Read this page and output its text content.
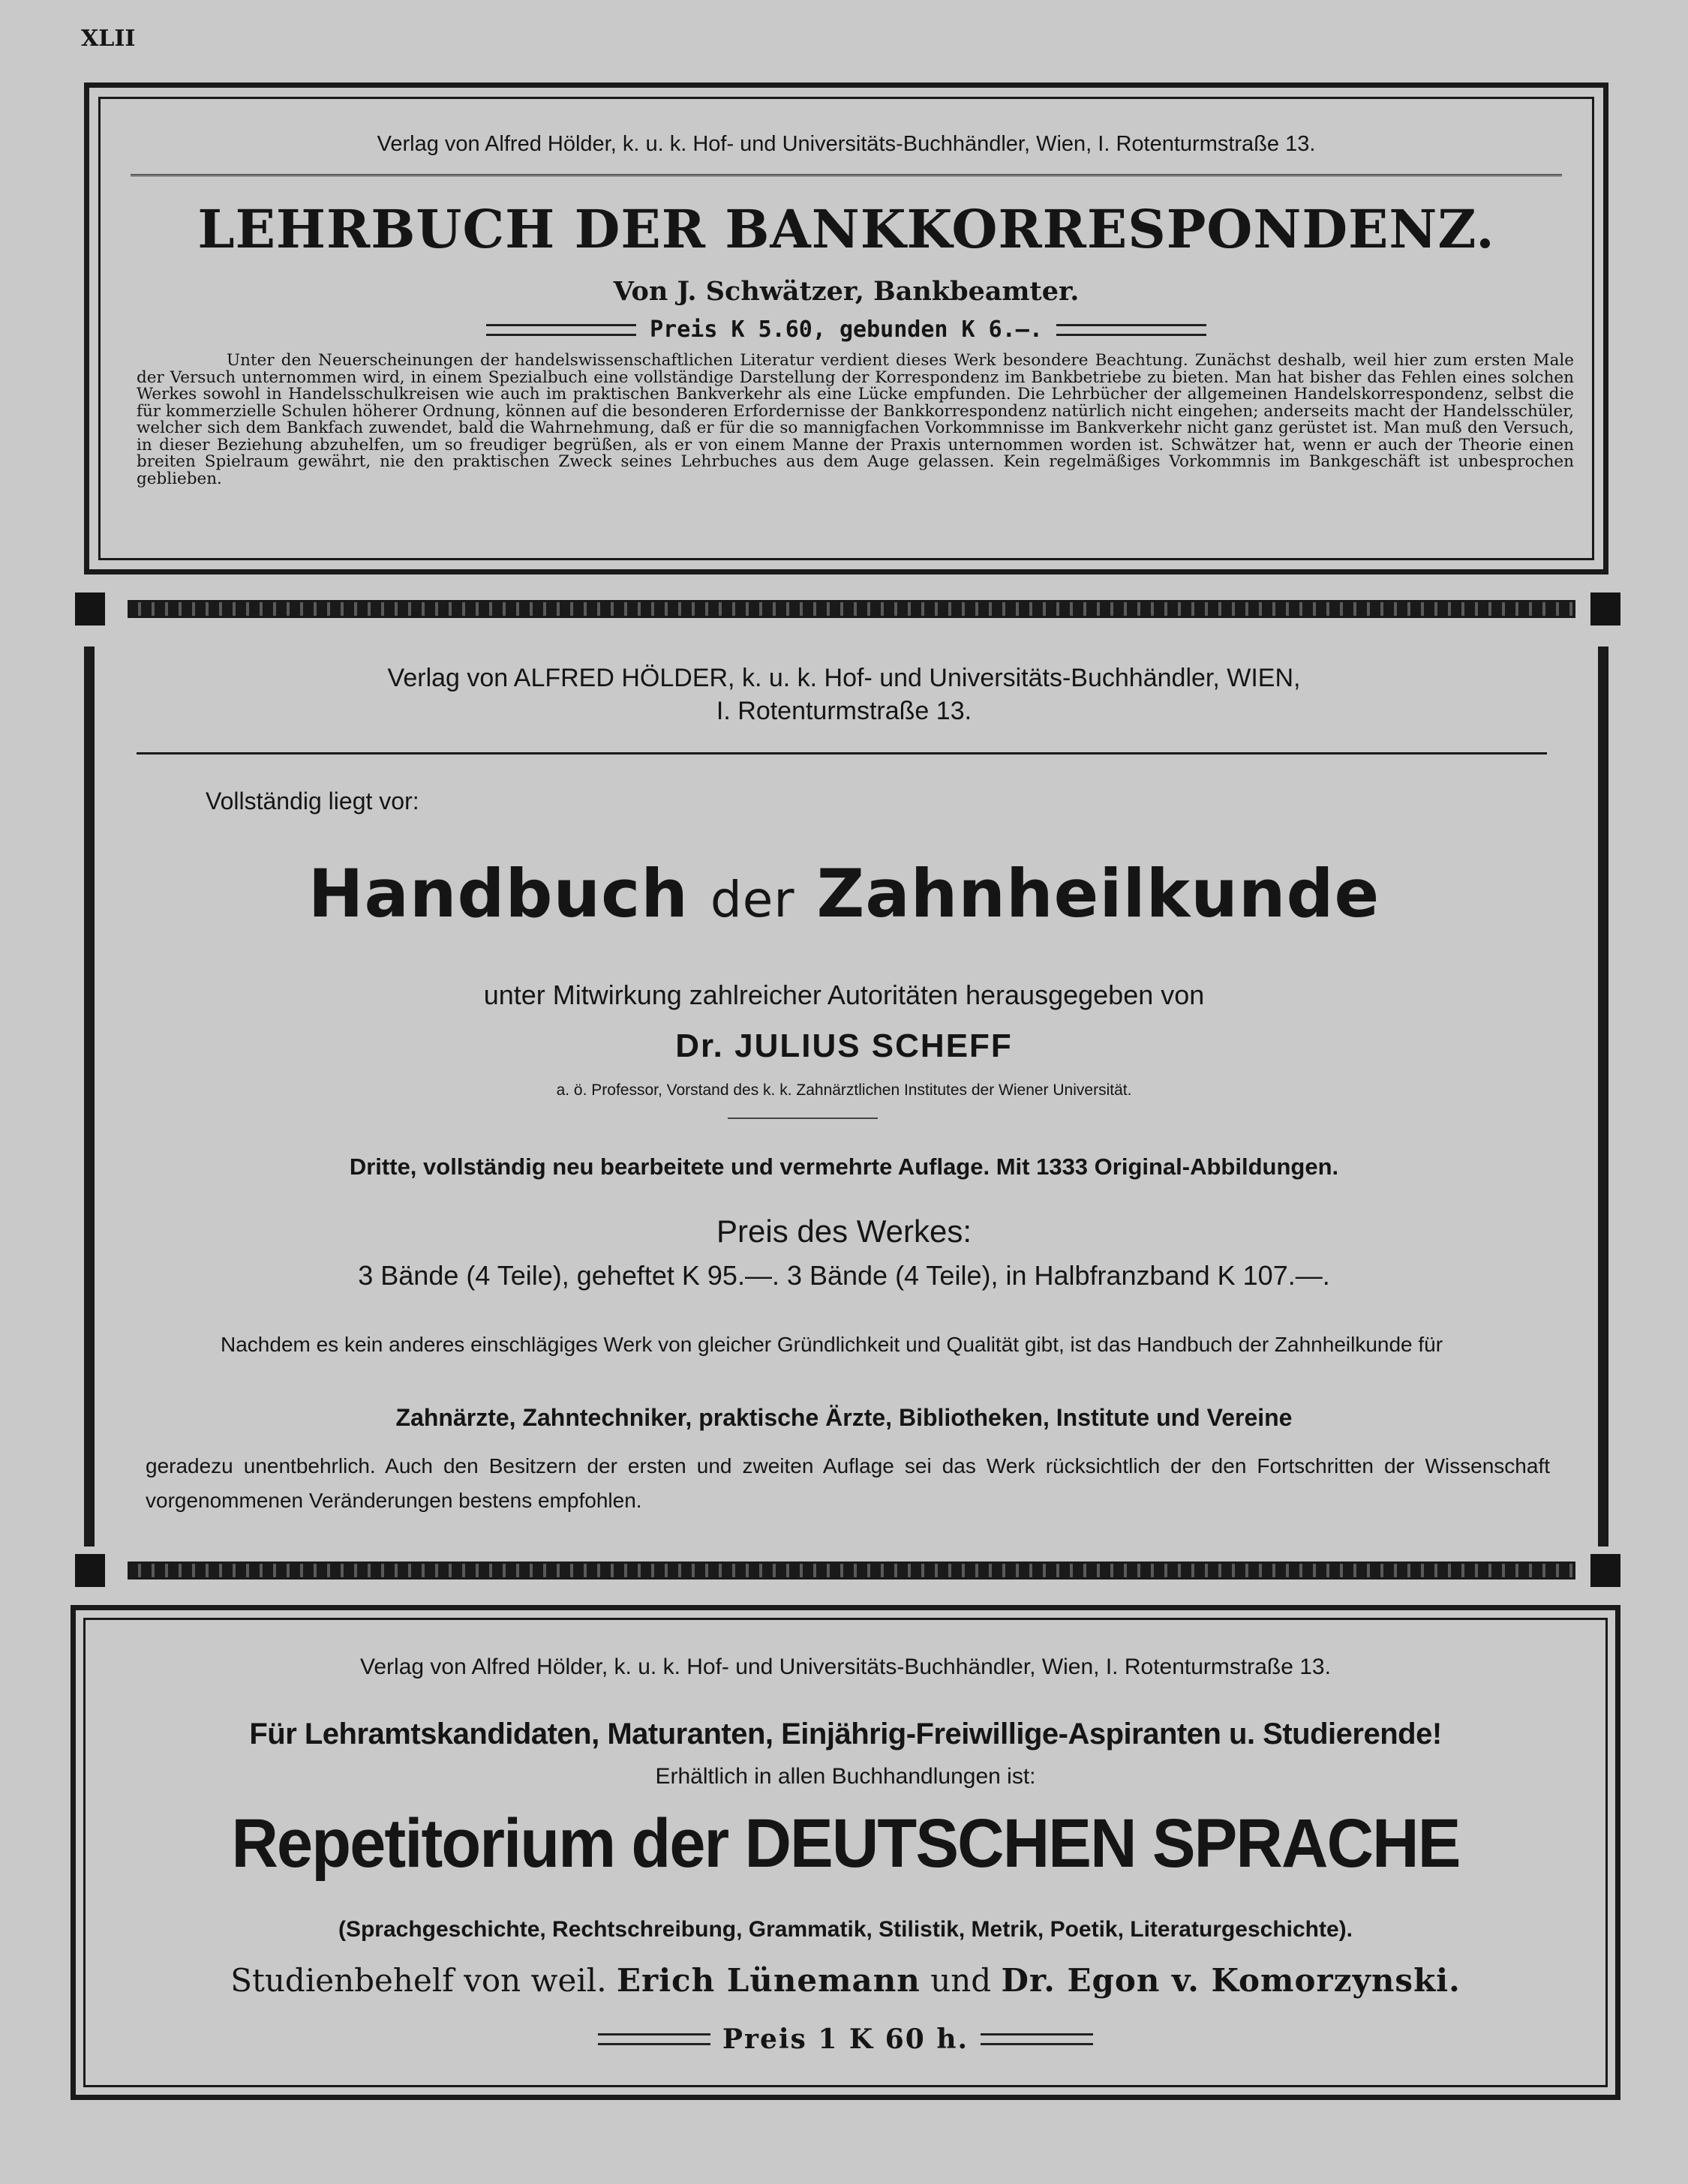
XLII
Verlag von Alfred Hölder, k. u. k. Hof- und Universitäts-Buchhändler, Wien, I. Rotenturmstraße 13.
LEHRBUCH DER BANKKORRESPONDENZ.
Von J. Schwätzer, Bankbeamter.
Preis K 5.60, gebunden K 6.—.
Unter den Neuerscheinungen der handelswissenschaftlichen Literatur verdient dieses Werk besondere Beachtung. Zunächst deshalb, weil hier zum ersten Male der Versuch unternommen wird, in einem Spezialbuch eine vollständige Darstellung der Korrespondenz im Bankbetriebe zu bieten. Man hat bisher das Fehlen eines solchen Werkes sowohl in Handelsschulkreisen wie auch im praktischen Bankverkehr als eine Lücke empfunden. Die Lehrbücher der allgemeinen Handelskorrespondenz, selbst die für kommerzielle Schulen höherer Ordnung, können auf die besonderen Erfordernisse der Bankkorrespondenz natürlich nicht eingehen; anderseits macht der Handelsschüler, welcher sich dem Bankfach zuwendet, bald die Wahrnehmung, daß er für die so mannigfachen Vorkommnisse im Bankverkehr nicht ganz gerüstet ist. Man muß den Versuch, in dieser Beziehung abzuhelfen, um so freudiger begrüßen, als er von einem Manne der Praxis unternommen worden ist. Schwätzer hat, wenn er auch der Theorie einen breiten Spielraum gewährt, nie den praktischen Zweck seines Lehrbuches aus dem Auge gelassen. Kein regelmäßiges Vorkommnis im Bankgeschäft ist unbesprochen geblieben.
Verlag von ALFRED HÖLDER, k. u. k. Hof- und Universitäts-Buchhändler, WIEN,
I. Rotenturmstraße 13.
Vollständig liegt vor:
Handbuch der Zahnheilkunde
unter Mitwirkung zahlreicher Autoritäten herausgegeben von
Dr. JULIUS SCHEFF
a. ö. Professor, Vorstand des k. k. Zahnärztlichen Institutes der Wiener Universität.
Dritte, vollständig neu bearbeitete und vermehrte Auflage. Mit 1333 Original-Abbildungen.
Preis des Werkes:
3 Bände (4 Teile), geheftet K 95.—. 3 Bände (4 Teile), in Halbfranzband K 107.—.
Nachdem es kein anderes einschlägiges Werk von gleicher Gründlichkeit und Qualität gibt, ist das Handbuch der Zahnheilkunde für
Zahnärzte, Zahntechniker, praktische Ärzte, Bibliotheken, Institute und Vereine
geradezu unentbehrlich. Auch den Besitzern der ersten und zweiten Auflage sei das Werk rücksichtlich der den Fortschritten der Wissenschaft vorgenommenen Veränderungen bestens empfohlen.
Verlag von Alfred Hölder, k. u. k. Hof- und Universitäts-Buchhändler, Wien, I. Rotenturmstraße 13.
Für Lehramtskandidaten, Maturanten, Einjährig-Freiwillige-Aspiranten u. Studierende!
Erhältlich in allen Buchhandlungen ist:
Repetitorium der DEUTSCHEN SPRACHE
(Sprachgeschichte, Rechtschreibung, Grammatik, Stilistik, Metrik, Poetik, Literaturgeschichte).
Studienbehelf von weil. Erich Lünemann und Dr. Egon v. Komorzynski.
Preis 1 K 60 h.
